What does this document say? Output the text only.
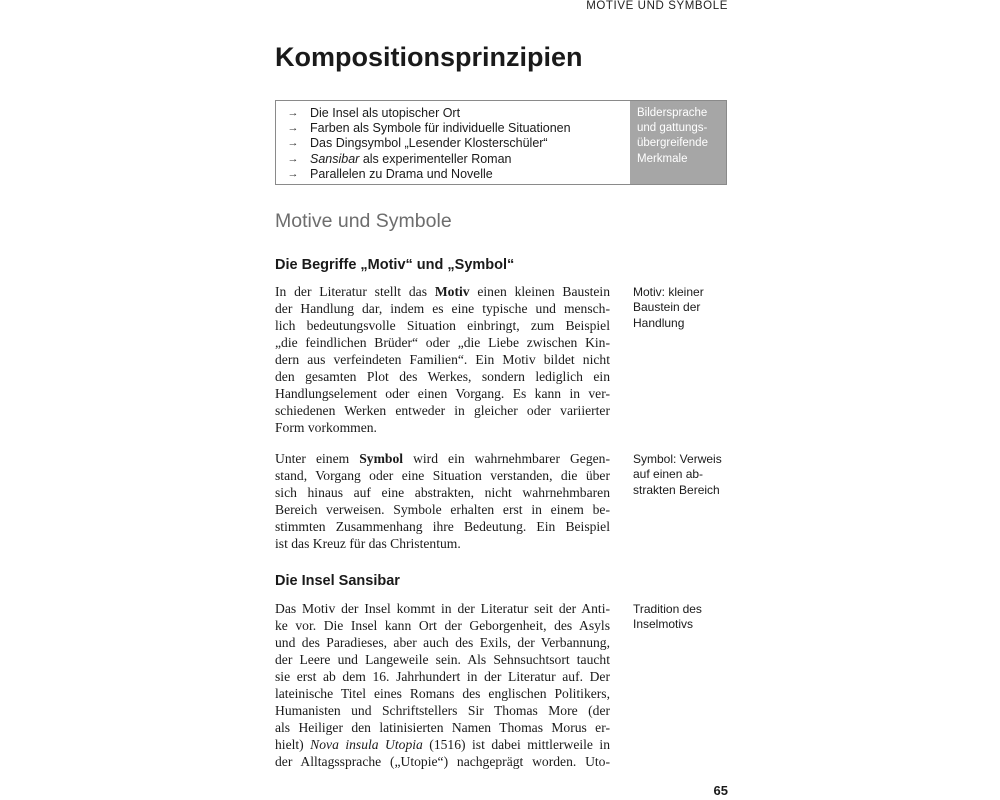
MOTIVE UND SYMBOLE
Kompositionsprinzipien
→ Die Insel als utopischer Ort
→ Farben als Symbole für individuelle Situationen
→ Das Dingsymbol „Lesender Klosterschüler“
→ Sansibar als experimenteller Roman
→ Parallelen zu Drama und Novelle
Bildersprache
und gattungs-
übergreifende
Merkmale
Motive und Symbole
Die Begriffe „Motiv“ und „Symbol“
In der Literatur stellt das Motiv einen kleinen Baustein
der Handlung dar, indem es eine typische und mensch-
lich bedeutungsvolle Situation einbringt, zum Beispiel
„die feindlichen Brüder“ oder „die Liebe zwischen Kin-
dern aus verfeindeten Familien“. Ein Motiv bildet nicht
den gesamten Plot des Werkes, sondern lediglich ein
Handlungselement oder einen Vorgang. Es kann in ver-
schiedenen Werken entweder in gleicher oder variierter
Form vorkommen.
Motiv: kleiner
Baustein der
Handlung
Unter einem Symbol wird ein wahrnehmbarer Gegen-
stand, Vorgang oder eine Situation verstanden, die über
sich hinaus auf eine abstrakten, nicht wahrnehmbaren
Bereich verweisen. Symbole erhalten erst in einem be-
stimmten Zusammenhang ihre Bedeutung. Ein Beispiel
ist das Kreuz für das Christentum.
Symbol: Verweis
auf einen ab-
strakten Bereich
Die Insel Sansibar
Das Motiv der Insel kommt in der Literatur seit der Anti-
ke vor. Die Insel kann Ort der Geborgenheit, des Asyls
und des Paradieses, aber auch des Exils, der Verbannung,
der Leere und Langeweile sein. Als Sehnsuchtsort taucht
sie erst ab dem 16. Jahrhundert in der Literatur auf. Der
lateinische Titel eines Romans des englischen Politikers,
Humanisten und Schriftstellers Sir Thomas More (der
als Heiliger den latinisierten Namen Thomas Morus er-
hielt) Nova insula Utopia (1516) ist dabei mittlerweile in
der Alltagssprache („Utopie“) nachgeprägt worden. Uto-
Tradition des
Inselmotivs
65
